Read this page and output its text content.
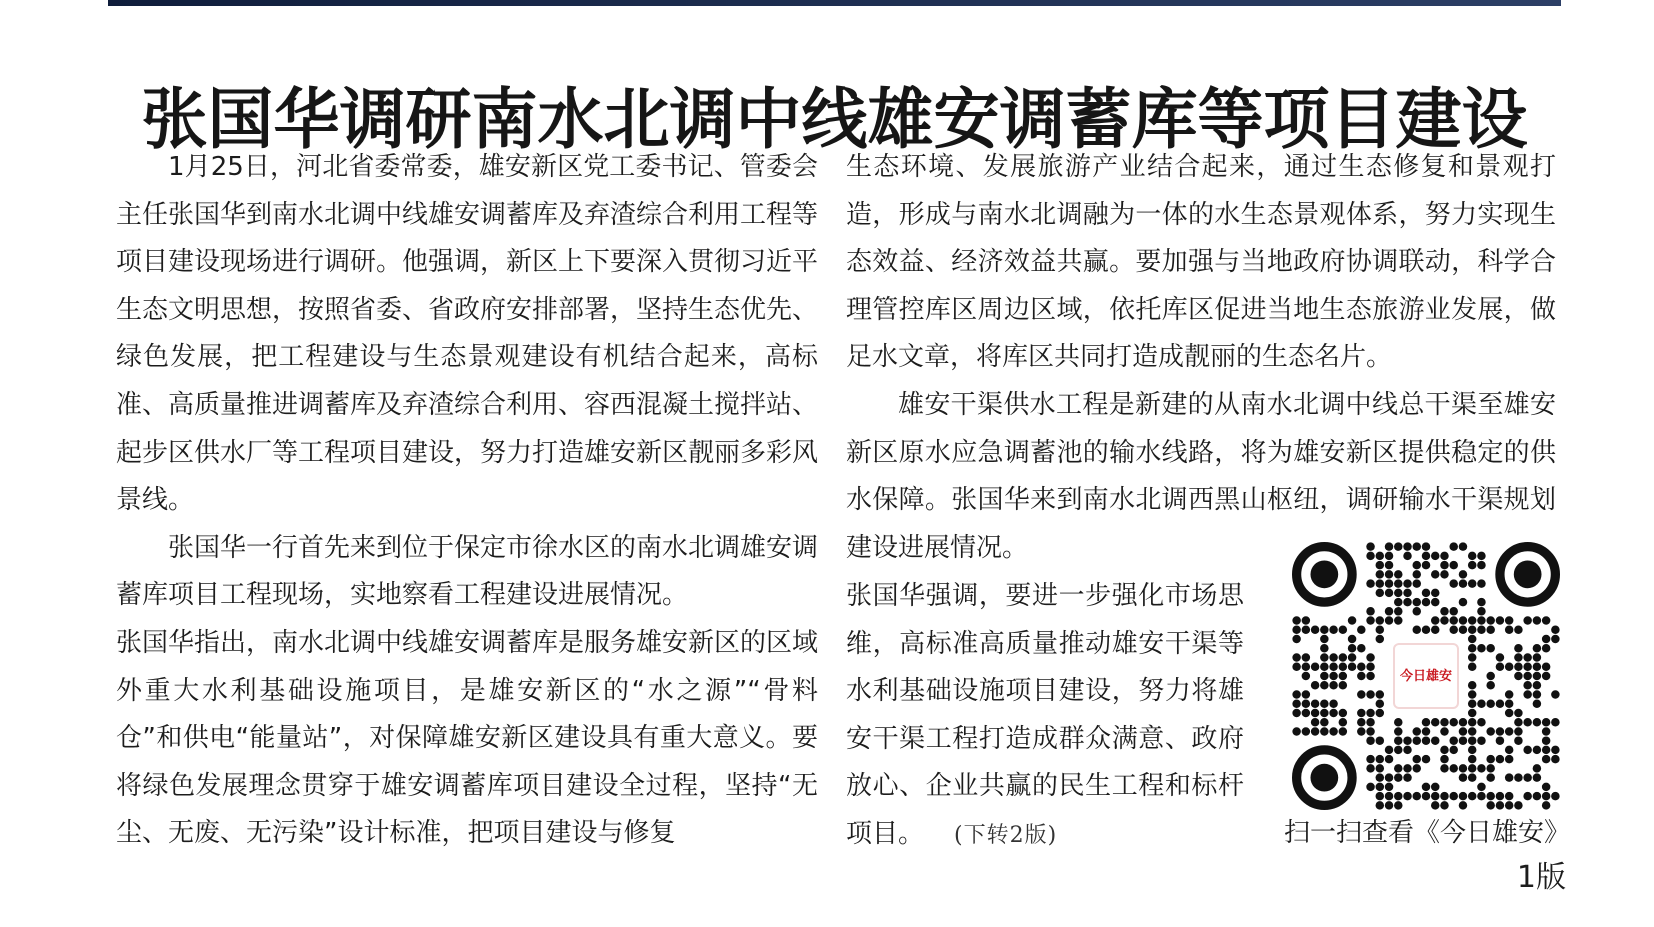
张国华调研南水北调中线雄安调蓄库等项目建设

1月25日，河北省委常委，雄安新区党工委书记、管委会主任张国华到南水北调中线雄安调蓄库及弃渣综合利用工程等项目建设现场进行调研。他强调，新区上下要深入贯彻习近平生态文明思想，按照省委、省政府安排部署，坚持生态优先、绿色发展，把工程建设与生态景观建设有机结合起来，高标准、高质量推进调蓄库及弃渣综合利用、容西混凝土搅拌站、起步区供水厂等工程项目建设，努力打造雄安新区靓丽多彩风景线。

张国华一行首先来到位于保定市徐水区的南水北调雄安调蓄库项目工程现场，实地察看工程建设进展情况。

张国华指出，南水北调中线雄安调蓄库是服务雄安新区的区域外重大水利基础设施项目，是雄安新区的“水之源”“骨料仓”和供电“能量站”，对保障雄安新区建设具有重大意义。要将绿色发展理念贯穿于雄安调蓄库项目建设全过程，坚持“无尘、无废、无污染”设计标准，把项目建设与修复

生态环境、发展旅游产业结合起来，通过生态修复和景观打造，形成与南水北调融为一体的水生态景观体系，努力实现生态效益、经济效益共赢。要加强与当地政府协调联动，科学合理管控库区周边区域，依托库区促进当地生态旅游业发展，做足水文章，将库区共同打造成靓丽的生态名片。

雄安干渠供水工程是新建的从南水北调中线总干渠至雄安新区原水应急调蓄池的输水线路，将为雄安新区提供稳定的供水保障。张国华来到南水北调西黑山枢纽，调研输水干渠规划建设进展情况。

张国华强调，要进一步强化市场思维，高标准高质量推动雄安干渠等水利基础设施项目建设，努力将雄安干渠工程打造成群众满意、政府放心、企业共赢的民生工程和标杆项目。 (下转2版)

今日雄安
扫一扫查看《今日雄安》
1版
